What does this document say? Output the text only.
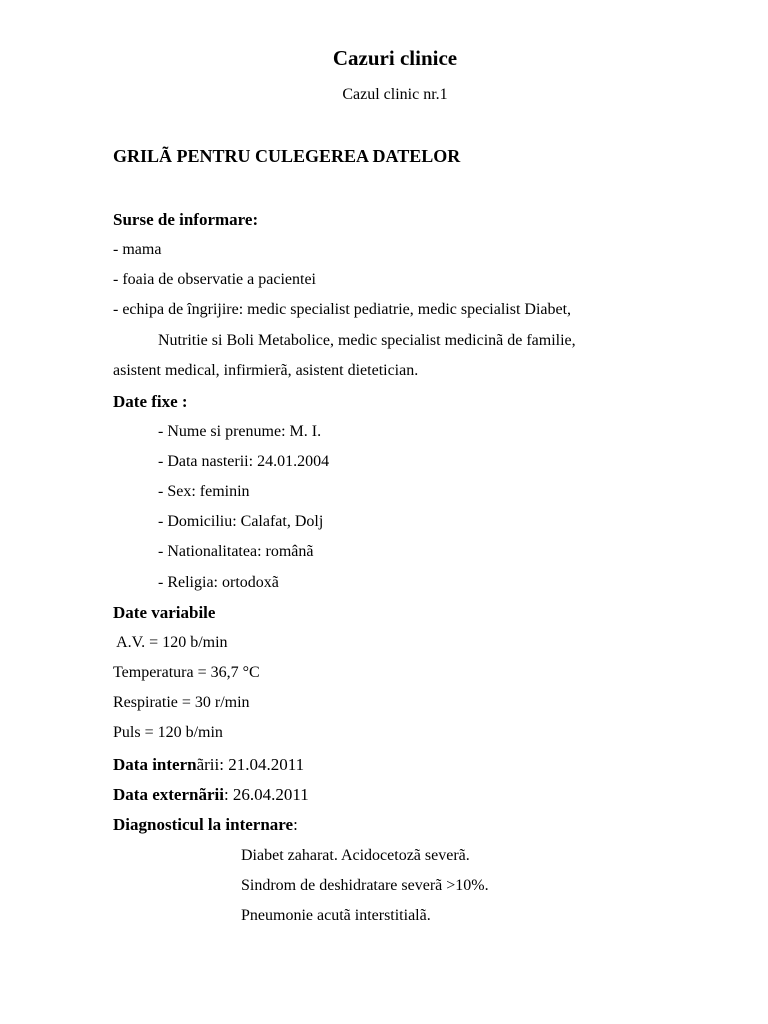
Cazuri clinice
Cazul clinic nr.1
GRILÃ PENTRU CULEGEREA DATELOR
Surse de informare:
- mama
- foaia de observatie a pacientei
- echipa de îngrijire: medic specialist pediatrie, medic specialist Diabet,
Nutritie si Boli Metabolice, medic specialist medicinã de familie,
asistent medical, infirmierã, asistent dietetician.
Date fixe :
- Nume si prenume: M. I.
- Data nasterii: 24.01.2004
- Sex: feminin
- Domiciliu: Calafat, Dolj
- Nationalitatea: românã
- Religia: ortodoxã
Date variabile
A.V. = 120 b/min
Temperatura = 36,7 °C
Respiratie = 30 r/min
Puls = 120 b/min
Data internãrii: 21.04.2011
Data externãrii: 26.04.2011
Diagnosticul la internare:
Diabet zaharat. Acidocetozã severã.
Sindrom de deshidratare severã >10%.
Pneumonie acutã interstitialã.
